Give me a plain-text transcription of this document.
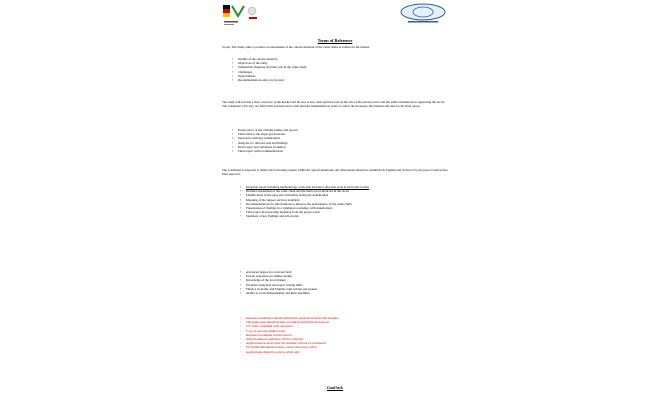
Terms of Reference
Scope: The Study aims to produce an assessment of the current situation of the value chain as follows in the market.
• Outline of the current situation
• Objectives of the study
• Stakeholder mapping and their role in the value chain
• Challenges
• Opportunities
• Recommendations and way forward
The study will provide a clear overview of the market and the key actors, with special focus on the role of the private sector and the public institutions in supporting the sector. The consultant will carry out field visits and interviews with relevant stakeholders in order to collect the necessary information and data for the final report.
• Desk review of the existing studies and reports
• Field visits to the target governorates
• Interviews with key stakeholders
• Analysis of collected data and findings
• Draft report and validation workshop
• Final report with recommendations
The consultant is expected to deliver the following outputs within the agreed timeframe. All deliverables should be submitted in English and reviewed by the project team before final approval.
• Inception report including methodology, work plan and data collection tools in electronic format
• Detailed assessment of the value chain and the main actors involved in the sector
• Identification of the gaps and constraints facing the stakeholders
• Mapping of the support services available
• Recommendations for interventions to improve the performance of the value chain
• Presentation of findings in a validation workshop with stakeholders
• Final report incorporating feedback from the project team
• Summary of key findings and action plan
• Advanced degree in a relevant field
• Proven experience in similar studies
• Knowledge of the local market
• Excellent analytical and report writing skills
• Fluency in Arabic and English, both written and spoken
• Ability to work independently and meet deadlines
◦ Interested candidates should submit their application before the deadline
◦ The application should include a technical and financial proposal
◦ CV of the consultant with references
◦ Copy of previous similar work
◦ Required documents as listed above
◦ Only shortlisted candidates will be contacted
◦ Applications received after the deadline will not be considered
◦ For further information please contact the project office
◦ Applications should be sent by email only
Good luck
